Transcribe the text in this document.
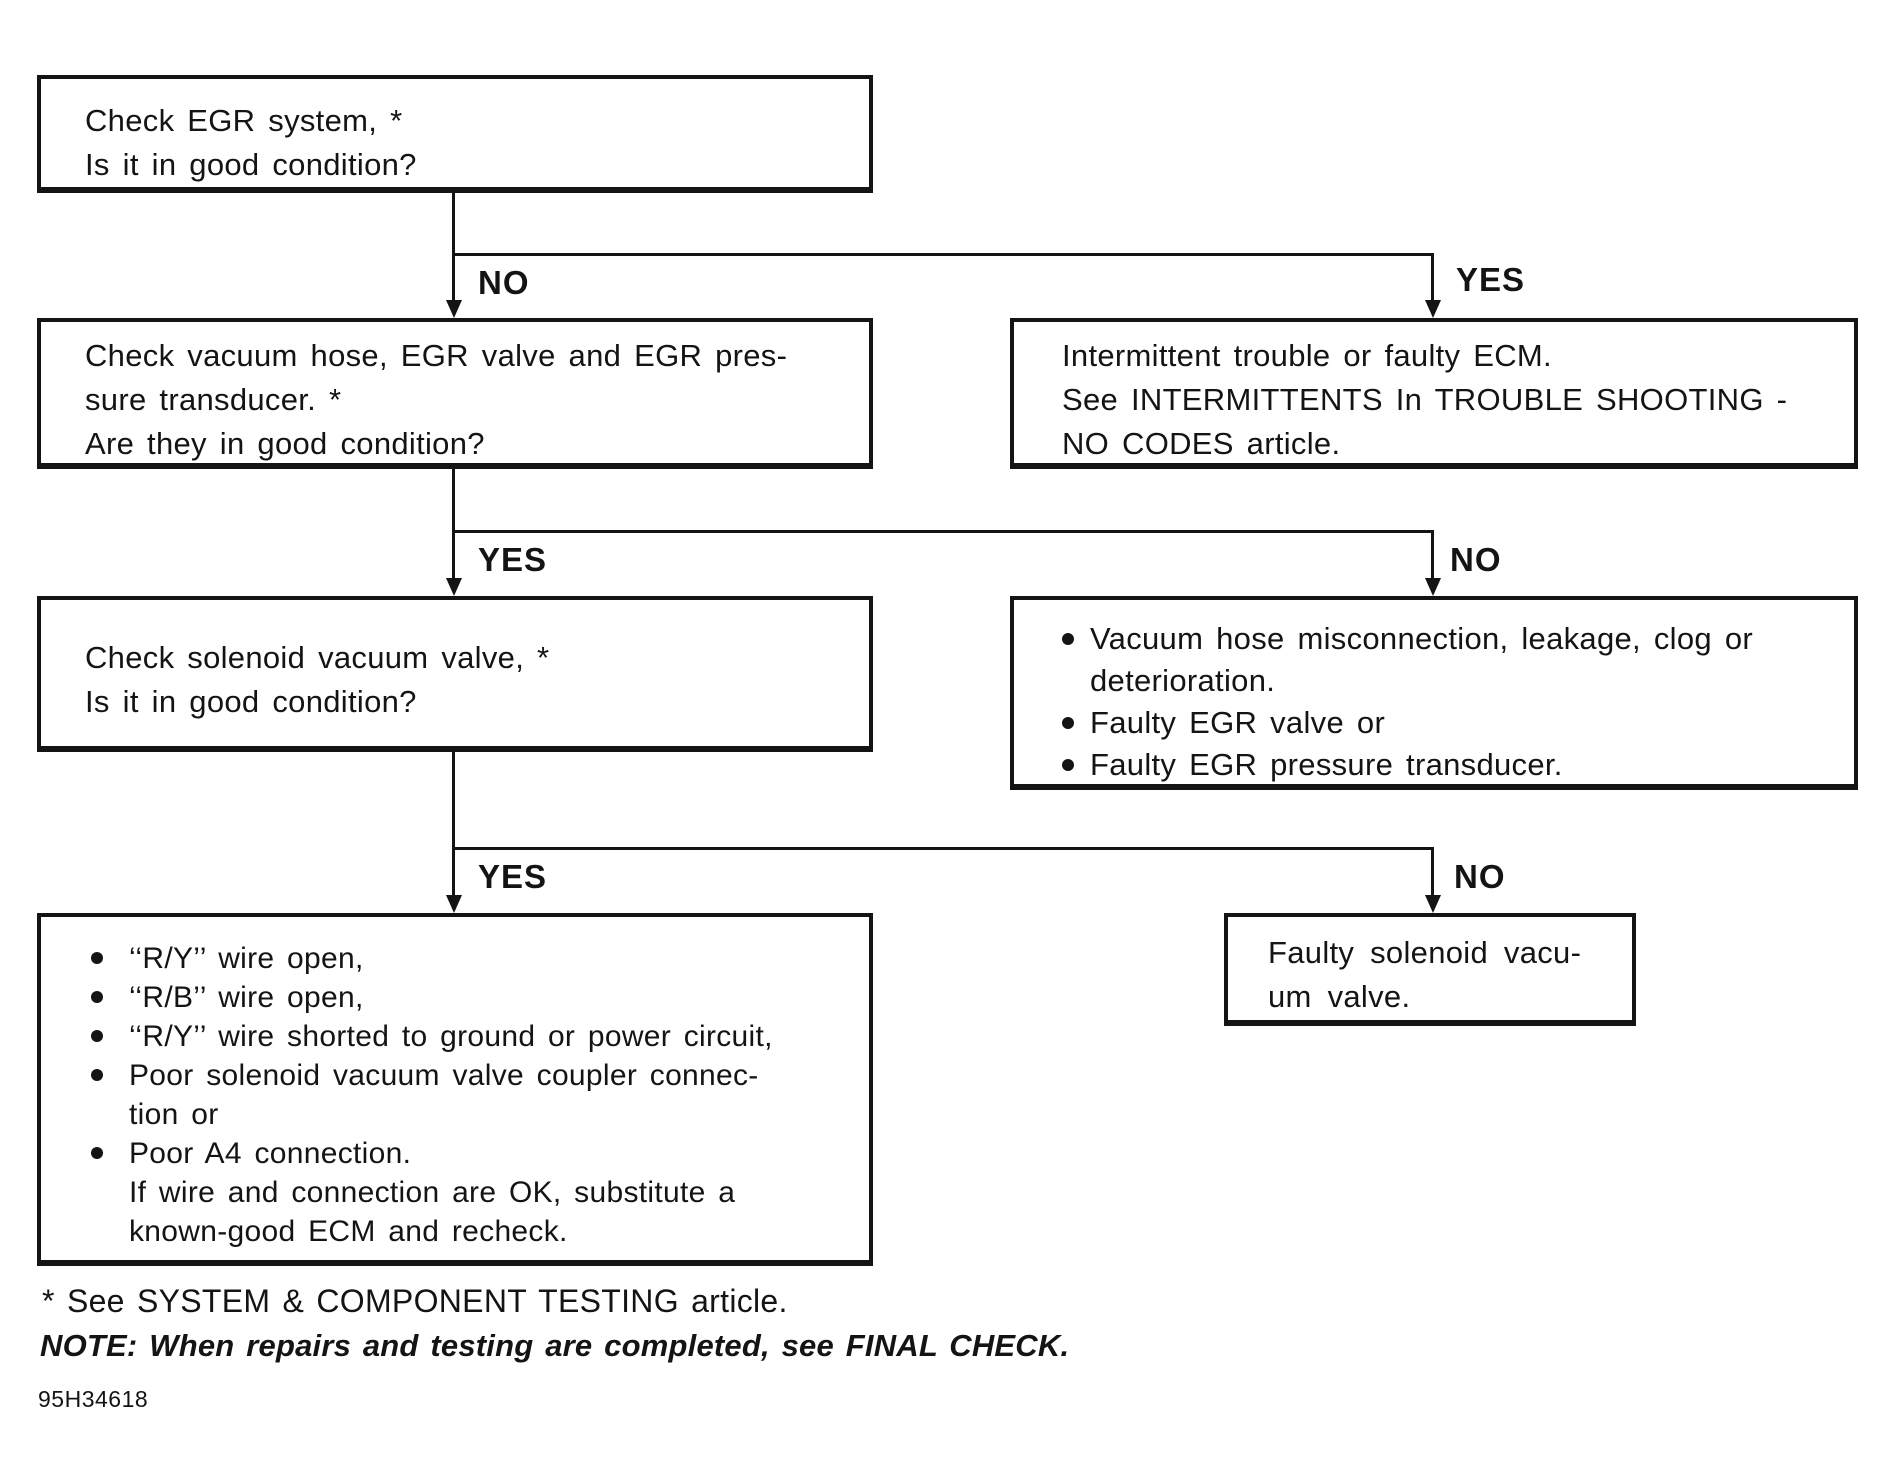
Check EGR system, *
Is it in good condition?
NO	YES
Check vacuum hose, EGR valve and EGR pres-
sure transducer. *
Are they in good condition?
Intermittent trouble or faulty ECM.
See INTERMITTENTS In TROUBLE SHOOTING -
NO CODES article.
YES	NO
Check solenoid vacuum valve, *
Is it in good condition?
Vacuum hose misconnection, leakage, clog or
deterioration.
Faulty EGR valve or
Faulty EGR pressure transducer.
YES	NO
‘‘R/Y’’ wire open,
‘‘R/B’’ wire open,
‘‘R/Y’’ wire shorted to ground or power circuit,
Poor solenoid vacuum valve coupler connec-
tion or
Poor A4 connection.
If wire and connection are OK, substitute a
known-good ECM and recheck.
Faulty solenoid vacu-
um valve.
* See SYSTEM & COMPONENT TESTING article.
NOTE: When repairs and testing are completed, see FINAL CHECK.
95H34618
